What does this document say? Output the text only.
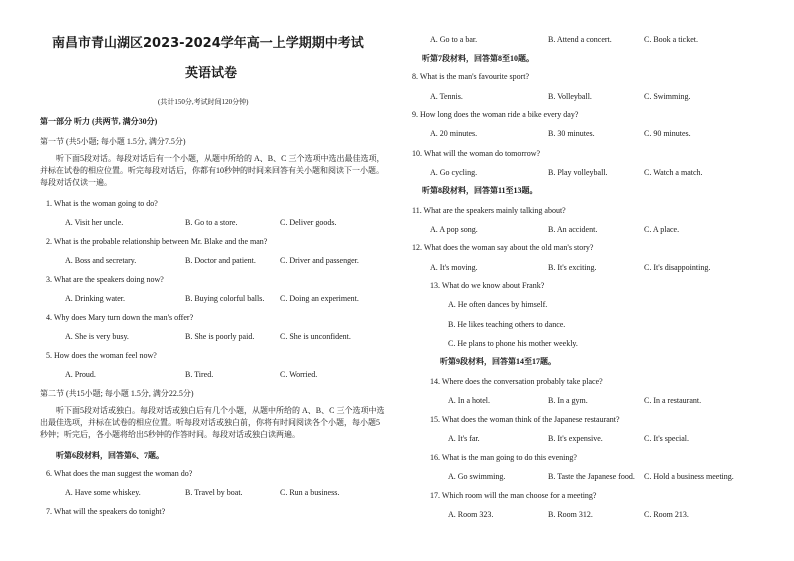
南昌市青山湖区2023-2024学年高一上学期期中考试
英语试卷
(共计150分,考试时间120分钟)
第一部分 听力 (共两节, 满分30分)
第一节 (共5小题; 每小题 1.5分, 满分7.5分)
听下面5段对话。每段对话后有一个小题，从题中所给的 A、B、C 三个选项中选出最佳选项，并标在试卷的相应位置。听完每段对话后，你都有10秒钟的时间来回答有关小题和阅读下一小题。每段对话仅读一遍。
1. What is the woman going to do?
A. Visit her uncle.	B. Go to a store.	C. Deliver goods.
2. What is the probable relationship between Mr. Blake and the man?
A. Boss and secretary.	B. Doctor and patient.	C. Driver and passenger.
3. What are the speakers doing now?
A. Drinking water.	B. Buying colorful balls. C. Doing an experiment.
4. Why does Mary turn down the man's offer?
A. She is very busy.	B. She is poorly paid.	C. She is unconfident.
5. How does the woman feel now?
A. Proud.	B. Tired.	C. Worried.
第二节 (共15小题; 每小题 1.5分, 满分22.5分)
听下面5段对话或独白。每段对话或独白后有几个小题，从题中所给的 A、B、C 三个选项中选出最佳选项，并标在试卷的相应位置。听每段对话或独白前，你将有时间阅读各个小题，每小题5秒钟；听完后，各小题将给出5秒钟的作答时间。每段对话或独白读两遍。
听第6段材料，回答第6、7题。
6. What does the man suggest the woman do?
A. Have some whiskey.	B. Travel by boat.	C. Run a business.
7. What will the speakers do tonight?
A. Go to a bar.	B. Attend a concert.	C. Book a ticket.
听第7段材料，回答第8至10题。
8. What is the man's favourite sport?
A. Tennis.	B. Volleyball.	C. Swimming.
9. How long does the woman ride a bike every day?
A. 20 minutes.	B. 30 minutes.	C. 90 minutes.
10. What will the woman do tomorrow?
A. Go cycling.	B. Play volleyball.	C. Watch a match.
听第8段材料，回答第11至13题。
11. What are the speakers mainly talking about?
A. A pop song.	B. An accident.	C. A place.
12. What does the woman say about the old man's story?
A. It's moving.	B. It's exciting.	C. It's disappointing.
13. What do we know about Frank?
A. He often dances by himself.
B. He likes teaching others to dance.
C. He plans to phone his mother weekly.
听第9段材料，回答第14至17题。
14. Where does the conversation probably take place?
A. In a hotel.	B. In a gym.	C. In a restaurant.
15. What does the woman think of the Japanese restaurant?
A. It's far.	B. It's expensive.	C. It's special.
16. What is the man going to do this evening?
A. Go swimming.	B. Taste the Japanese food. C. Hold a business meeting.
17. Which room will the man choose for a meeting?
A. Room 323.	B. Room 312.	C. Room 213.
